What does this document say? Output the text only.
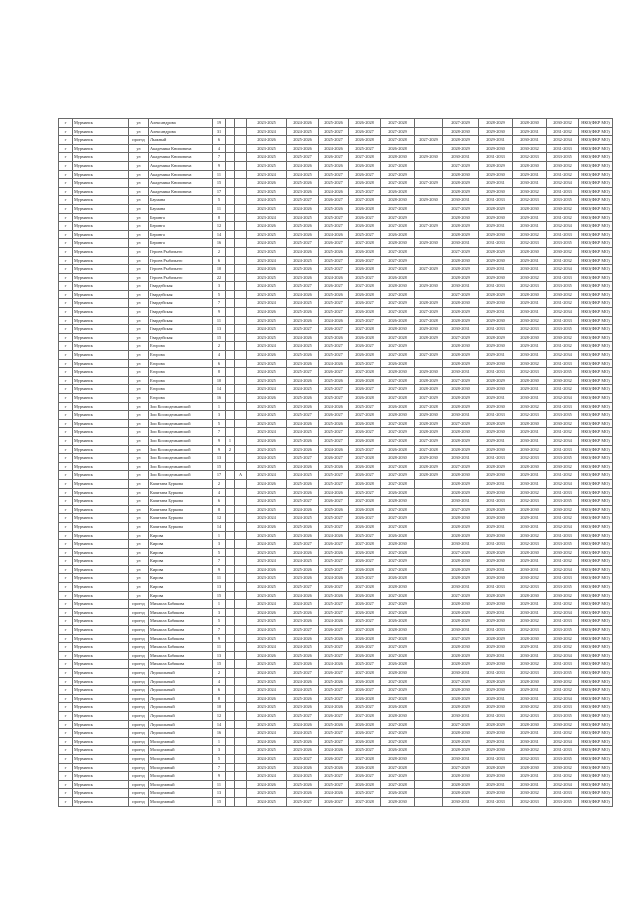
г	Мурманск	ул	Александрова	19			2023-2025	2024-2026	2025-2026	2026-2028	2027-2028		2027-2029	2028-2029	2028-2030	2030-2032	НКО(ФКР МО)
г	Мурманск	ул	Александрова	31			2023-2024	2024-2025	2025-2027	2026-2027	2027-2029		2028-2030	2029-2030	2029-2031	2031-2032	НКО(ФКР МО)
г	Мурманск	проезд	Лыжный	6			2024-2026	2025-2026	2025-2027	2026-2028	2027-2028	2027-2029	2028-2029	2029-2031	2030-2031	2032-2034	НКО(ФКР МО)
г	Мурманск	ул	Академика Книповича	4			2023-2025	2023-2026	2024-2026	2025-2027	2026-2028		2028-2029	2029-2030	2030-2032	2031-2033	НКО(ФКР МО)
г	Мурманск	ул	Академика Книповича	7			2024-2025	2025-2027	2026-2027	2027-2028	2028-2030	2029-2030	2030-2031	2031-2033	2032-2033	2033-2035	НКО(ФКР МО)
г	Мурманск	ул	Академика Книповича	9			2023-2025	2024-2026	2025-2026	2026-2028	2027-2028		2027-2029	2028-2029	2028-2030	2030-2032	НКО(ФКР МО)
г	Мурманск	ул	Академика Книповича	11			2023-2024	2024-2025	2025-2027	2026-2027	2027-2029		2028-2030	2029-2030	2029-2031	2031-2032	НКО(ФКР МО)
г	Мурманск	ул	Академика Книповича	15			2024-2026	2025-2026	2025-2027	2026-2028	2027-2028	2027-2029	2028-2029	2029-2031	2030-2031	2032-2034	НКО(ФКР МО)
г	Мурманск	ул	Академика Книповича	17			2023-2025	2023-2026	2024-2026	2025-2027	2026-2028		2028-2029	2029-2030	2030-2032	2031-2033	НКО(ФКР МО)
г	Мурманск	ул	Баумана	5			2024-2025	2025-2027	2026-2027	2027-2028	2028-2030	2029-2030	2030-2031	2031-2033	2032-2033	2033-2035	НКО(ФКР МО)
г	Мурманск	ул	Баумана	11			2023-2025	2024-2026	2025-2026	2026-2028	2027-2028		2027-2029	2028-2029	2028-2030	2030-2032	НКО(ФКР МО)
г	Мурманск	ул	Беринга	8			2023-2024	2024-2025	2025-2027	2026-2027	2027-2029		2028-2030	2029-2030	2029-2031	2031-2032	НКО(ФКР МО)
г	Мурманск	ул	Беринга	12			2024-2026	2025-2026	2025-2027	2026-2028	2027-2028	2027-2029	2028-2029	2029-2031	2030-2031	2032-2034	НКО(ФКР МО)
г	Мурманск	ул	Беринга	14			2023-2025	2023-2026	2024-2026	2025-2027	2026-2028		2028-2029	2029-2030	2030-2032	2031-2033	НКО(ФКР МО)
г	Мурманск	ул	Беринга	16			2024-2025	2025-2027	2026-2027	2027-2028	2028-2030	2029-2030	2030-2031	2031-2033	2032-2033	2033-2035	НКО(ФКР МО)
г	Мурманск	ул	Героев Рыбачьего	2			2023-2025	2024-2026	2025-2026	2026-2028	2027-2028		2027-2029	2028-2029	2028-2030	2030-2032	НКО(ФКР МО)
г	Мурманск	ул	Героев Рыбачьего	6			2023-2024	2024-2025	2025-2027	2026-2027	2027-2029		2028-2030	2029-2030	2029-2031	2031-2032	НКО(ФКР МО)
г	Мурманск	ул	Героев Рыбачьего	10			2024-2026	2025-2026	2025-2027	2026-2028	2027-2028	2027-2029	2028-2029	2029-2031	2030-2031	2032-2034	НКО(ФКР МО)
г	Мурманск	ул	Героев Рыбачьего	22			2023-2025	2023-2026	2024-2026	2025-2027	2026-2028		2028-2029	2029-2030	2030-2032	2031-2033	НКО(ФКР МО)
г	Мурманск	ул	Гвардейская	3			2024-2025	2025-2027	2026-2027	2027-2028	2028-2030	2029-2030	2030-2031	2031-2033	2032-2033	2033-2035	НКО(ФКР МО)
г	Мурманск	ул	Гвардейская	5			2023-2025	2024-2026	2025-2026	2026-2028	2027-2028		2027-2029	2028-2029	2028-2030	2030-2032	НКО(ФКР МО)
г	Мурманск	ул	Гвардейская	7			2023-2024	2024-2025	2025-2027	2026-2027	2027-2029	2028-2029	2028-2030	2029-2030	2029-2031	2031-2032	НКО(ФКР МО)
г	Мурманск	ул	Гвардейская	9			2024-2026	2025-2026	2025-2027	2026-2028	2027-2028	2027-2029	2028-2029	2029-2031	2030-2031	2032-2034	НКО(ФКР МО)
г	Мурманск	ул	Гвардейская	11			2023-2025	2023-2026	2024-2026	2025-2027	2026-2028	2027-2028	2028-2029	2029-2030	2030-2032	2031-2033	НКО(ФКР МО)
г	Мурманск	ул	Гвардейская	13			2024-2025	2025-2027	2026-2027	2027-2028	2028-2030	2029-2030	2030-2031	2031-2033	2032-2033	2033-2035	НКО(ФКР МО)
г	Мурманск	ул	Гвардейская	15			2023-2025	2024-2026	2025-2026	2026-2028	2027-2028	2028-2029	2027-2029	2028-2029	2028-2030	2030-2032	НКО(ФКР МО)
г	Мурманск	ул	Егорова	2			2023-2024	2024-2025	2025-2027	2026-2027	2027-2029		2028-2030	2029-2030	2029-2031	2031-2032	НКО(ФКР МО)
г	Мурманск	ул	Егорова	4			2024-2026	2025-2026	2025-2027	2026-2028	2027-2028	2027-2029	2028-2029	2029-2031	2030-2031	2032-2034	НКО(ФКР МО)
г	Мурманск	ул	Егорова	6			2023-2025	2023-2026	2024-2026	2025-2027	2026-2028		2028-2029	2029-2030	2030-2032	2031-2033	НКО(ФКР МО)
г	Мурманск	ул	Егорова	8			2024-2025	2025-2027	2026-2027	2027-2028	2028-2030	2029-2030	2030-2031	2031-2033	2032-2033	2033-2035	НКО(ФКР МО)
г	Мурманск	ул	Егорова	10			2023-2025	2024-2026	2025-2026	2026-2028	2027-2028	2028-2029	2027-2029	2028-2029	2028-2030	2030-2032	НКО(ФКР МО)
г	Мурманск	ул	Егорова	14			2023-2024	2024-2025	2025-2027	2026-2027	2027-2029	2028-2029	2028-2030	2029-2030	2029-2031	2031-2032	НКО(ФКР МО)
г	Мурманск	ул	Егорова	16			2024-2026	2025-2026	2025-2027	2026-2028	2027-2028	2027-2029	2028-2029	2029-2031	2030-2031	2032-2034	НКО(ФКР МО)
г	Мурманск	ул	Зои Космодемьянской	1			2023-2025	2023-2026	2024-2026	2025-2027	2026-2028	2027-2028	2028-2029	2029-2030	2030-2032	2031-2033	НКО(ФКР МО)
г	Мурманск	ул	Зои Космодемьянской	3			2024-2025	2025-2027	2026-2027	2027-2028	2028-2030	2029-2030	2030-2031	2031-2033	2032-2033	2033-2035	НКО(ФКР МО)
г	Мурманск	ул	Зои Космодемьянской	5			2023-2025	2024-2026	2025-2026	2026-2028	2027-2028	2028-2029	2027-2029	2028-2029	2028-2030	2030-2032	НКО(ФКР МО)
г	Мурманск	ул	Зои Космодемьянской	7			2023-2024	2024-2025	2025-2027	2026-2027	2027-2029	2028-2029	2028-2030	2029-2030	2029-2031	2031-2032	НКО(ФКР МО)
г	Мурманск	ул	Зои Космодемьянской	9	1		2024-2026	2025-2026	2025-2027	2026-2028	2027-2028	2027-2029	2028-2029	2029-2031	2030-2031	2032-2034	НКО(ФКР МО)
г	Мурманск	ул	Зои Космодемьянской	9	2		2023-2025	2023-2026	2024-2026	2025-2027	2026-2028	2027-2028	2028-2029	2029-2030	2030-2032	2031-2033	НКО(ФКР МО)
г	Мурманск	ул	Зои Космодемьянской	13			2024-2025	2025-2027	2026-2027	2027-2028	2028-2030	2029-2030	2030-2031	2031-2033	2032-2033	2033-2035	НКО(ФКР МО)
г	Мурманск	ул	Зои Космодемьянской	15			2023-2025	2024-2026	2025-2026	2026-2028	2027-2028	2028-2029	2027-2029	2028-2029	2028-2030	2030-2032	НКО(ФКР МО)
г	Мурманск	ул	Зои Космодемьянской	17		А	2023-2024	2024-2025	2025-2027	2026-2027	2027-2029	2028-2029	2028-2030	2029-2030	2029-2031	2031-2032	НКО(ФКР МО)
г	Мурманск	ул	Капитана Буркова	2			2024-2026	2025-2026	2025-2027	2026-2028	2027-2028		2028-2029	2029-2031	2030-2031	2032-2034	НКО(ФКР МО)
г	Мурманск	ул	Капитана Буркова	4			2023-2025	2023-2026	2024-2026	2025-2027	2026-2028		2028-2029	2029-2030	2030-2032	2031-2033	НКО(ФКР МО)
г	Мурманск	ул	Капитана Буркова	6			2024-2025	2025-2027	2026-2027	2027-2028	2028-2030		2030-2031	2031-2033	2032-2033	2033-2035	НКО(ФКР МО)
г	Мурманск	ул	Капитана Буркова	8			2023-2025	2024-2026	2025-2026	2026-2028	2027-2028		2027-2029	2028-2029	2028-2030	2030-2032	НКО(ФКР МО)
г	Мурманск	ул	Капитана Буркова	12			2023-2024	2024-2025	2025-2027	2026-2027	2027-2029		2028-2030	2029-2030	2029-2031	2031-2032	НКО(ФКР МО)
г	Мурманск	ул	Капитана Буркова	14			2024-2026	2025-2026	2025-2027	2026-2028	2027-2028		2028-2029	2029-2031	2030-2031	2032-2034	НКО(ФКР МО)
г	Мурманск	ул	Кирова	1			2023-2025	2023-2026	2024-2026	2025-2027	2026-2028		2028-2029	2029-2030	2030-2032	2031-2033	НКО(ФКР МО)
г	Мурманск	ул	Кирова	3			2024-2025	2025-2027	2026-2027	2027-2028	2028-2030		2030-2031	2031-2033	2032-2033	2033-2035	НКО(ФКР МО)
г	Мурманск	ул	Кирова	5			2023-2025	2024-2026	2025-2026	2026-2028	2027-2028		2027-2029	2028-2029	2028-2030	2030-2032	НКО(ФКР МО)
г	Мурманск	ул	Кирова	7			2023-2024	2024-2025	2025-2027	2026-2027	2027-2029		2028-2030	2029-2030	2029-2031	2031-2032	НКО(ФКР МО)
г	Мурманск	ул	Кирова	9			2024-2026	2025-2026	2025-2027	2026-2028	2027-2028		2028-2029	2029-2031	2030-2031	2032-2034	НКО(ФКР МО)
г	Мурманск	ул	Кирова	11			2023-2025	2023-2026	2024-2026	2025-2027	2026-2028		2028-2029	2029-2030	2030-2032	2031-2033	НКО(ФКР МО)
г	Мурманск	ул	Кирова	13			2024-2025	2025-2027	2026-2027	2027-2028	2028-2030		2030-2031	2031-2033	2032-2033	2033-2035	НКО(ФКР МО)
г	Мурманск	ул	Кирова	15			2023-2025	2024-2026	2025-2026	2026-2028	2027-2028		2027-2029	2028-2029	2028-2030	2030-2032	НКО(ФКР МО)
г	Мурманск	проезд	Михаила Бабикова	1			2023-2024	2024-2025	2025-2027	2026-2027	2027-2029		2028-2030	2029-2030	2029-2031	2031-2032	НКО(ФКР МО)
г	Мурманск	проезд	Михаила Бабикова	3			2024-2026	2025-2026	2025-2027	2026-2028	2027-2028		2028-2029	2029-2031	2030-2031	2032-2034	НКО(ФКР МО)
г	Мурманск	проезд	Михаила Бабикова	5			2023-2025	2023-2026	2024-2026	2025-2027	2026-2028		2028-2029	2029-2030	2030-2032	2031-2033	НКО(ФКР МО)
г	Мурманск	проезд	Михаила Бабикова	7			2024-2025	2025-2027	2026-2027	2027-2028	2028-2030		2030-2031	2031-2033	2032-2033	2033-2035	НКО(ФКР МО)
г	Мурманск	проезд	Михаила Бабикова	9			2023-2025	2024-2026	2025-2026	2026-2028	2027-2028		2027-2029	2028-2029	2028-2030	2030-2032	НКО(ФКР МО)
г	Мурманск	проезд	Михаила Бабикова	11			2023-2024	2024-2025	2025-2027	2026-2027	2027-2029		2028-2030	2029-2030	2029-2031	2031-2032	НКО(ФКР МО)
г	Мурманск	проезд	Михаила Бабикова	13			2024-2026	2025-2026	2025-2027	2026-2028	2027-2028		2028-2029	2029-2031	2030-2031	2032-2034	НКО(ФКР МО)
г	Мурманск	проезд	Михаила Бабикова	15			2023-2025	2023-2026	2024-2026	2025-2027	2026-2028		2028-2029	2029-2030	2030-2032	2031-2033	НКО(ФКР МО)
г	Мурманск	проезд	Ледокольный	2			2024-2025	2025-2027	2026-2027	2027-2028	2028-2030		2030-2031	2031-2033	2032-2033	2033-2035	НКО(ФКР МО)
г	Мурманск	проезд	Ледокольный	4			2023-2025	2024-2026	2025-2026	2026-2028	2027-2028		2027-2029	2028-2029	2028-2030	2030-2032	НКО(ФКР МО)
г	Мурманск	проезд	Ледокольный	6			2023-2024	2024-2025	2025-2027	2026-2027	2027-2029		2028-2030	2029-2030	2029-2031	2031-2032	НКО(ФКР МО)
г	Мурманск	проезд	Ледокольный	8			2024-2026	2025-2026	2025-2027	2026-2028	2027-2028		2028-2029	2029-2031	2030-2031	2032-2034	НКО(ФКР МО)
г	Мурманск	проезд	Ледокольный	10			2023-2025	2023-2026	2024-2026	2025-2027	2026-2028		2028-2029	2029-2030	2030-2032	2031-2033	НКО(ФКР МО)
г	Мурманск	проезд	Ледокольный	12			2024-2025	2025-2027	2026-2027	2027-2028	2028-2030		2030-2031	2031-2033	2032-2033	2033-2035	НКО(ФКР МО)
г	Мурманск	проезд	Ледокольный	14			2023-2025	2024-2026	2025-2026	2026-2028	2027-2028		2027-2029	2028-2029	2028-2030	2030-2032	НКО(ФКР МО)
г	Мурманск	проезд	Ледокольный	16			2023-2024	2024-2025	2025-2027	2026-2027	2027-2029		2028-2030	2029-2030	2029-2031	2031-2032	НКО(ФКР МО)
г	Мурманск	проезд	Молодежный	1			2024-2026	2025-2026	2025-2027	2026-2028	2027-2028		2028-2029	2029-2031	2030-2031	2032-2034	НКО(ФКР МО)
г	Мурманск	проезд	Молодежный	3			2023-2025	2023-2026	2024-2026	2025-2027	2026-2028		2028-2029	2029-2030	2030-2032	2031-2033	НКО(ФКР МО)
г	Мурманск	проезд	Молодежный	5			2024-2025	2025-2027	2026-2027	2027-2028	2028-2030		2030-2031	2031-2033	2032-2033	2033-2035	НКО(ФКР МО)
г	Мурманск	проезд	Молодежный	7			2023-2025	2024-2026	2025-2026	2026-2028	2027-2028		2027-2029	2028-2029	2028-2030	2030-2032	НКО(ФКР МО)
г	Мурманск	проезд	Молодежный	9			2023-2024	2024-2025	2025-2027	2026-2027	2027-2029		2028-2030	2029-2030	2029-2031	2031-2032	НКО(ФКР МО)
г	Мурманск	проезд	Молодежный	11			2024-2026	2025-2026	2025-2027	2026-2028	2027-2028		2028-2029	2029-2031	2030-2031	2032-2034	НКО(ФКР МО)
г	Мурманск	проезд	Молодежный	13			2023-2025	2023-2026	2024-2026	2025-2027	2026-2028		2028-2029	2029-2030	2030-2032	2031-2033	НКО(ФКР МО)
г	Мурманск	проезд	Молодежный	15			2024-2025	2025-2027	2026-2027	2027-2028	2028-2030		2030-2031	2031-2033	2032-2033	2033-2035	НКО(ФКР МО)
